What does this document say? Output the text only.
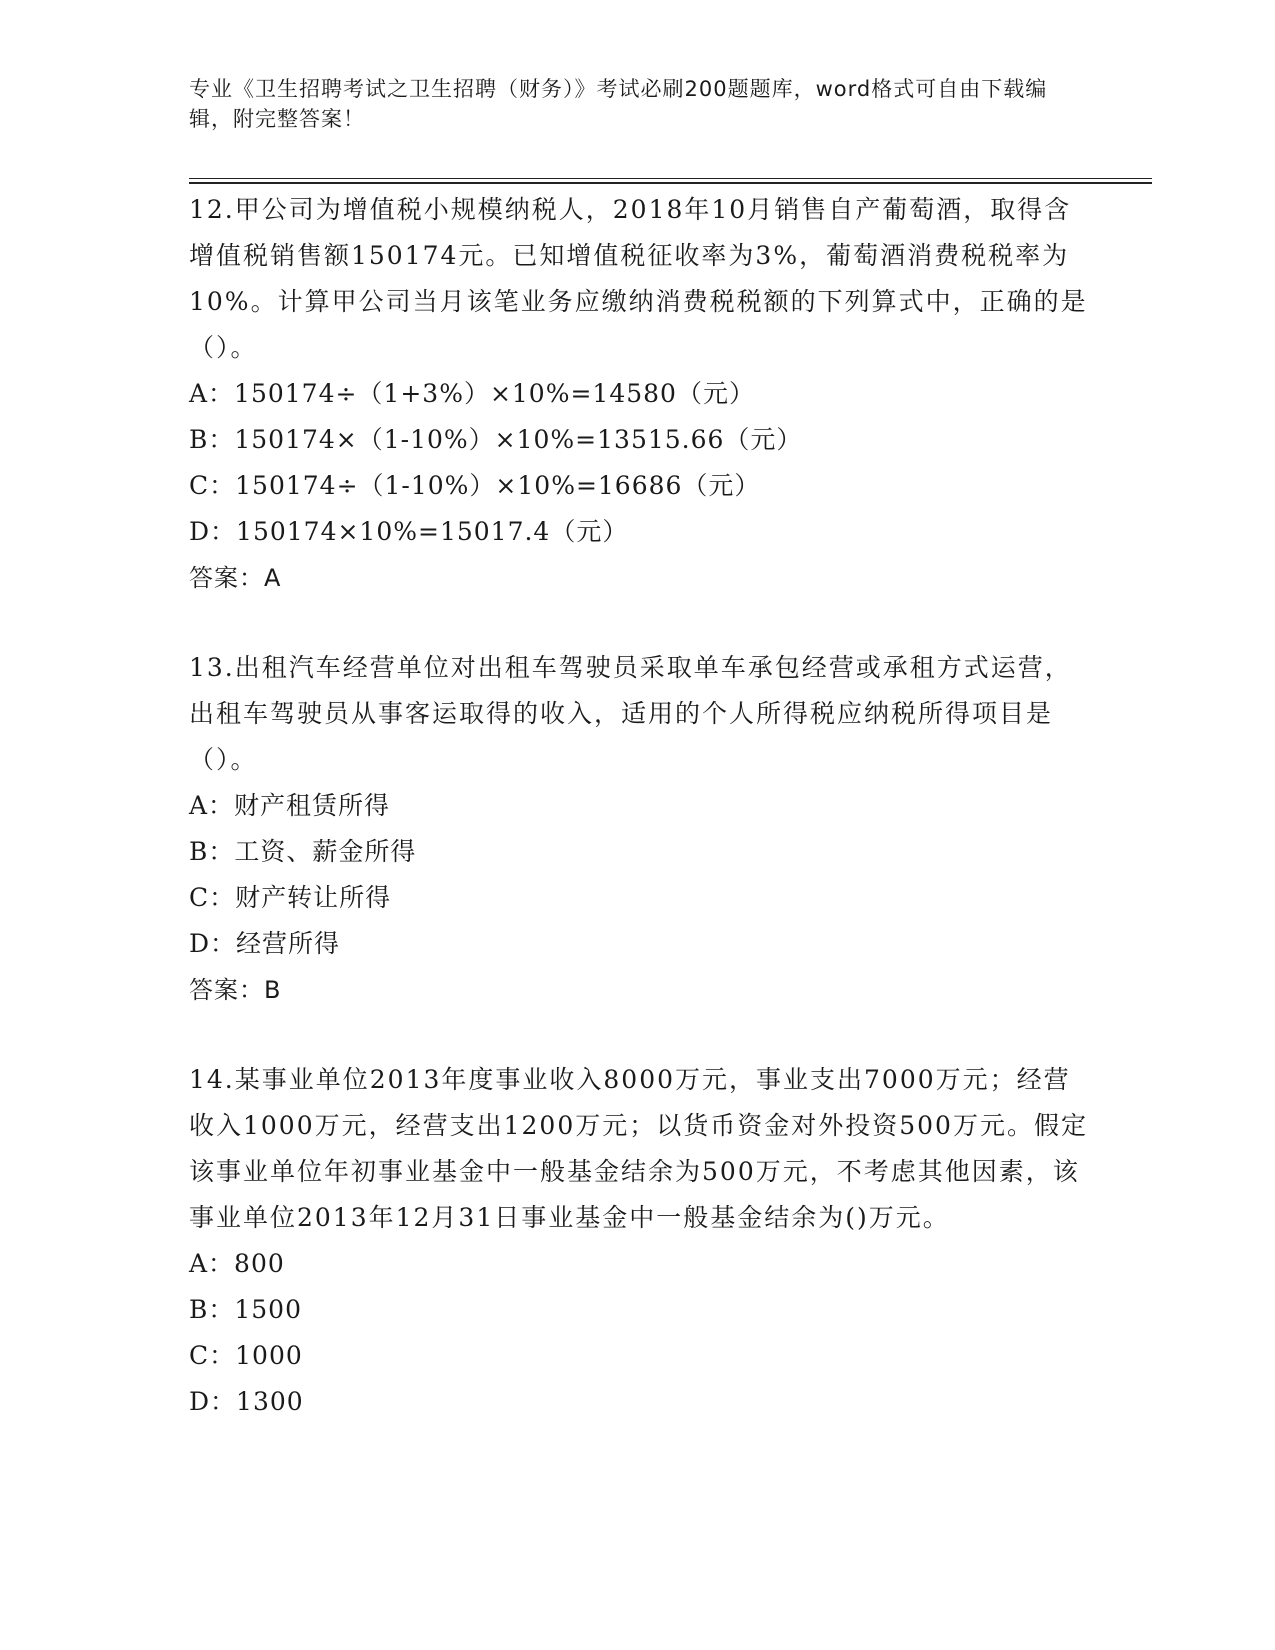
专业《卫生招聘考试之卫生招聘（财务）》考试必刷200题题库，word格式可自由下载编辑，附完整答案！

12.甲公司为增值税小规模纳税人，2018年10月销售自产葡萄酒，取得含增值税销售额150174元。已知增值税征收率为3%，葡萄酒消费税税率为10%。计算甲公司当月该笔业务应缴纳消费税税额的下列算式中，正确的是（）。

A：150174÷（1+3%）×10%=14580（元）
B：150174×（1-10%）×10%=13515.66（元）
C：150174÷（1-10%）×10%=16686（元）
D：150174×10%=15017.4（元）
答案：A

13.出租汽车经营单位对出租车驾驶员采取单车承包经营或承租方式运营，出租车驾驶员从事客运取得的收入，适用的个人所得税应纳税所得项目是（）。

A：财产租赁所得
B：工资、薪金所得
C：财产转让所得
D：经营所得
答案：B

14.某事业单位2013年度事业收入8000万元，事业支出7000万元；经营收入1000万元，经营支出1200万元；以货币资金对外投资500万元。假定该事业单位年初事业基金中一般基金结余为500万元，不考虑其他因素，该事业单位2013年12月31日事业基金中一般基金结余为()万元。

A：800
B：1500
C：1000
D：1300
